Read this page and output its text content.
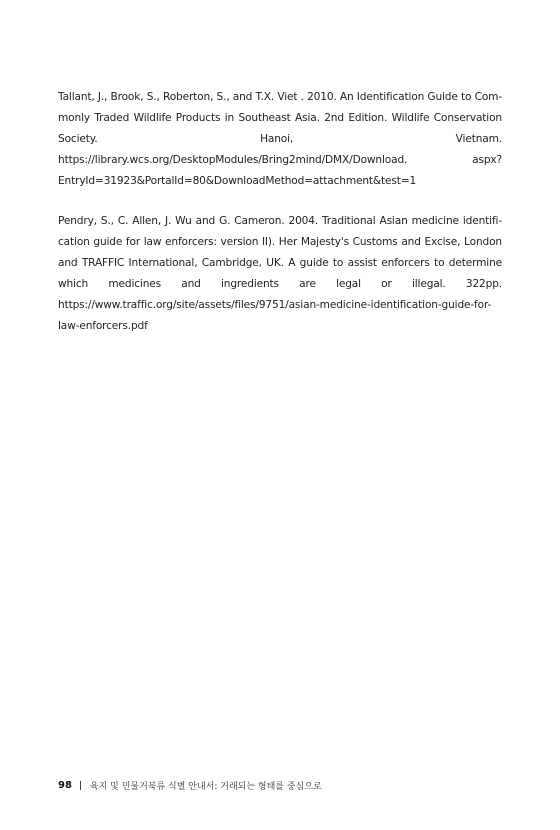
Tallant, J., Brook, S., Roberton, S., and T.X. Viet . 2010. An Identification Guide to Com-monly Traded Wildlife Products in Southeast Asia. 2nd Edition. Wildlife Conservation Society. Hanoi, Vietnam. https://library.wcs.org/DesktopModules/Bring2mind/DMX/Download. aspx?EntryId=31923&PortalId=80&DownloadMethod=attachment&test=1

Pendry, S., C. Allen, J. Wu and G. Cameron. 2004. Traditional Asian medicine identifi-cation guide for law enforcers: version II). Her Majesty's Customs and Excise, London and TRAFFIC International, Cambridge, UK. A guide to assist enforcers to determine which medicines and ingredients are legal or illegal. 322pp. https://www.traffic.org/site/assets/files/9751/asian-medicine-identification-guide-for-law-enforcers.pdf

98 육지 및 민물거북류 식별 안내서: 거래되는 형태를 중심으로
